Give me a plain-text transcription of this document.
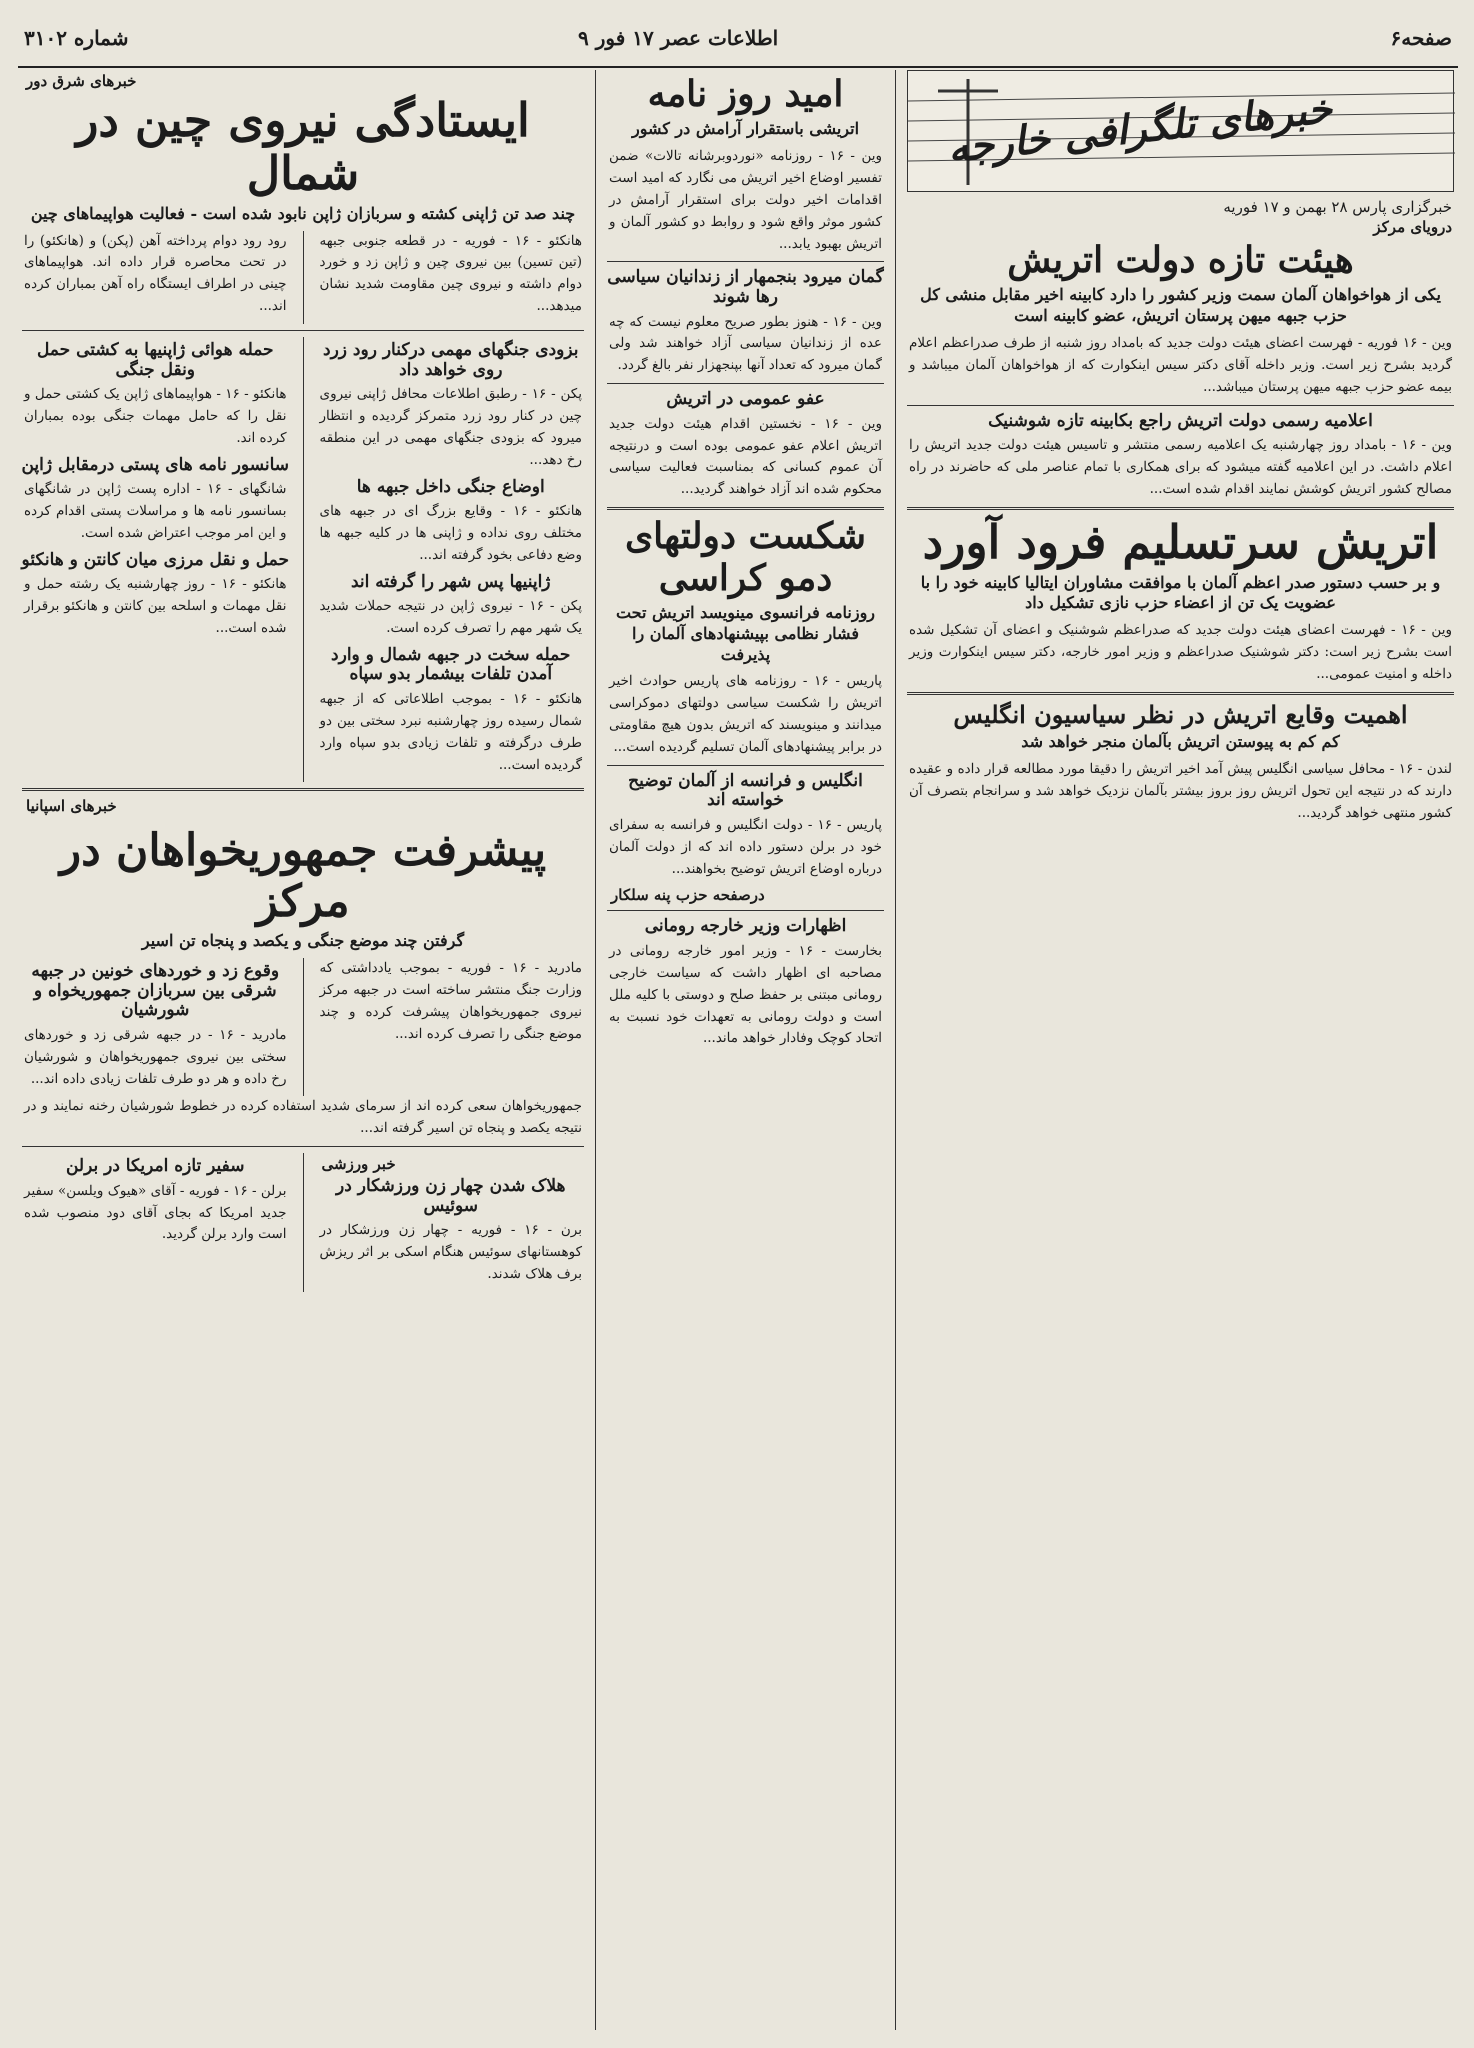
صفحه۶
اطلاعات عصر ۱۷ فور ۹
شماره ۳۱۰۲
خبرهای تلگرافی خارجه
خبرگزاری پارس ۲۸ بهمن و ۱۷ فوریه
درویای مرکز
هیئت تازه دولت اتریش
یکی از هواخواهان آلمان سمت وزیر کشور را دارد کابینه اخیر مقابل منشی کل حزب جبهه میهن پرستان اتریش، عضو کابینه است
وین - ۱۶ فوریه - فهرست اعضای هیئت دولت جدید که بامداد روز شنبه از طرف صدراعظم اعلام گردید بشرح زیر است. وزیر داخله آقای دکتر سیس اینکوارت که از هواخواهان آلمان میباشد و بیمه عضو حزب جبهه میهن پرستان میباشد...
اعلامیه رسمی دولت اتریش راجع بکابینه تازه شوشنیک
وین - ۱۶ - بامداد روز چهارشنبه یک اعلامیه رسمی منتشر و تاسیس هیئت دولت جدید اتریش را اعلام داشت. در این اعلامیه گفته میشود که برای همکاری با تمام عناصر ملی که حاضرند در راه مصالح کشور اتریش کوشش نمایند اقدام شده است...
اتریش سرتسلیم فرود آورد
و بر حسب دستور صدر اعظم آلمان با موافقت مشاوران ایتالیا کابینه خود را با عضویت یک تن از اعضاء حزب نازی تشکیل داد
وین - ۱۶ - فهرست اعضای هیئت دولت جدید که صدراعظم شوشنیک و اعضای آن تشکیل شده است بشرح زیر است: دکتر شوشنیک صدراعظم و وزیر امور خارجه، دکتر سیس اینکوارت وزیر داخله و امنیت عمومی...
اهمیت وقایع اتریش در نظر سیاسیون انگلیس
کم کم به پیوستن اتریش بآلمان منجر خواهد شد
لندن - ۱۶ - محافل سیاسی انگلیس پیش آمد اخیر اتریش را دقیقا مورد مطالعه قرار داده و عقیده دارند که در نتیجه این تحول اتریش روز بروز بیشتر بآلمان نزدیک خواهد شد و سرانجام بتصرف آن کشور منتهی خواهد گردید...
امید روز نامه
اتریشی باستقرار آرامش در کشور
وین - ۱۶ - روزنامه «نوردوبرشانه تالات» ضمن تفسیر اوضاع اخیر اتریش می نگارد که امید است اقدامات اخیر دولت برای استقرار آرامش در کشور موثر واقع شود و روابط دو کشور آلمان و اتریش بهبود یابد...
گمان میرود بنجمهار از زندانیان سیاسی رها شوند
وین - ۱۶ - هنوز بطور صریح معلوم نیست که چه عده از زندانیان سیاسی آزاد خواهند شد ولی گمان میرود که تعداد آنها بپنجهزار نفر بالغ گردد.
عفو عمومی در اتریش
وین - ۱۶ - نخستین اقدام هیئت دولت جدید اتریش اعلام عفو عمومی بوده است و درنتیجه آن عموم کسانی که بمناسبت فعالیت سیاسی محکوم شده اند آزاد خواهند گردید...
شکست دولتهای دمو کراسی
روزنامه فرانسوی مینویسد اتریش تحت فشار نظامی بپیشنهادهای آلمان را پذیرفت
پاریس - ۱۶ - روزنامه های پاریس حوادث اخیر اتریش را شکست سیاسی دولتهای دموکراسی میدانند و مینویسند که اتریش بدون هیچ مقاومتی در برابر پیشنهادهای آلمان تسلیم گردیده است...
انگلیس و فرانسه از آلمان توضیح خواسته اند
پاریس - ۱۶ - دولت انگلیس و فرانسه به سفرای خود در برلن دستور داده اند که از دولت آلمان درباره اوضاع اتریش توضیح بخواهند...
درصفحه حزب پنه سلکار
اظهارات وزیر خارجه رومانی
بخارست - ۱۶ - وزیر امور خارجه رومانی در مصاحبه ای اظهار داشت که سیاست خارجی رومانی مبتنی بر حفظ صلح و دوستی با کلیه ملل است و دولت رومانی به تعهدات خود نسبت به اتحاد کوچک وفادار خواهد ماند...
خبرهای شرق دور
ایستادگی نیروی چین در شمال
چند صد تن ژاپنی کشته و سربازان ژاپن نابود شده است - فعالیت هواپیماهای چین
هانکئو - ۱۶ - فوریه - در قطعه جنوبی جبهه (تین تسین) بین نیروی چین و ژاپن زد و خورد دوام داشته و نیروی چین مقاومت شدید نشان میدهد...
رود رود دوام پرداخته آهن (پکن) و (هانکئو) را در تحت محاصره قرار داده اند. هواپیماهای چینی در اطراف ایستگاه راه آهن بمباران کرده اند...
بزودی جنگهای مهمی درکنار رود زرد روی خواهد داد
پکن - ۱۶ - رطبق اطلاعات محافل ژاپنی نیروی چین در کنار رود زرد متمرکز گردیده و انتظار میرود که بزودی جنگهای مهمی در این منطقه رخ دهد...
اوضاع جنگی داخل جبهه ها
هانکئو - ۱۶ - وقایع بزرگ ای در جبهه های مختلف روی نداده و ژاپنی ها در کلیه جبهه ها وضع دفاعی بخود گرفته اند...
ژاپنیها پس شهر را گرفته اند
پکن - ۱۶ - نیروی ژاپن در نتیجه حملات شدید یک شهر مهم را تصرف کرده است.
حمله سخت در جبهه شمال و وارد آمدن تلفات بیشمار بدو سپاه
هانکئو - ۱۶ - بموجب اطلاعاتی که از جبهه شمال رسیده روز چهارشنبه نبرد سختی بین دو طرف درگرفته و تلفات زیادی بدو سپاه وارد گردیده است...
حمله هوائی ژاپنیها به کشتی حمل ونقل جنگی
هانکئو - ۱۶ - هواپیماهای ژاپن یک کشتی حمل و نقل را که حامل مهمات جنگی بوده بمباران کرده اند.
سانسور نامه های پستی درمقابل ژاپن
شانگهای - ۱۶ - اداره پست ژاپن در شانگهای بسانسور نامه ها و مراسلات پستی اقدام کرده و این امر موجب اعتراض شده است.
حمل و نقل مرزی میان کانتن و هانکئو
هانکئو - ۱۶ - روز چهارشنبه یک رشته حمل و نقل مهمات و اسلحه بین کانتن و هانکئو برقرار شده است...
خبرهای اسپانیا
پیشرفت جمهوریخواهان در مرکز
گرفتن چند موضع جنگی و یکصد و پنجاه تن اسیر
مادرید - ۱۶ - فوریه - بموجب یادداشتی که وزارت جنگ منتشر ساخته است در جبهه مرکز نیروی جمهوریخواهان پیشرفت کرده و چند موضع جنگی را تصرف کرده اند...
وقوع زد و خوردهای خونین در جبهه شرقی بین سربازان جمهوریخواه و شورشیان
مادرید - ۱۶ - در جبهه شرقی زد و خوردهای سختی بین نیروی جمهوریخواهان و شورشیان رخ داده و هر دو طرف تلفات زیادی داده اند...
جمهوریخواهان سعی کرده اند از سرمای شدید استفاده کرده در خطوط شورشیان رخنه نمایند و در نتیجه یکصد و پنجاه تن اسیر گرفته اند...
خبر ورزشی
هلاک شدن چهار زن ورزشکار در سوئیس
برن - ۱۶ - فوریه - چهار زن ورزشکار در کوهستانهای سوئیس هنگام اسکی بر اثر ریزش برف هلاک شدند.
سفیر تازه امریکا در برلن
برلن - ۱۶ - فوریه - آقای «هیوک ویلسن» سفیر جدید امریکا که بجای آقای دود منصوب شده است وارد برلن گردید.
